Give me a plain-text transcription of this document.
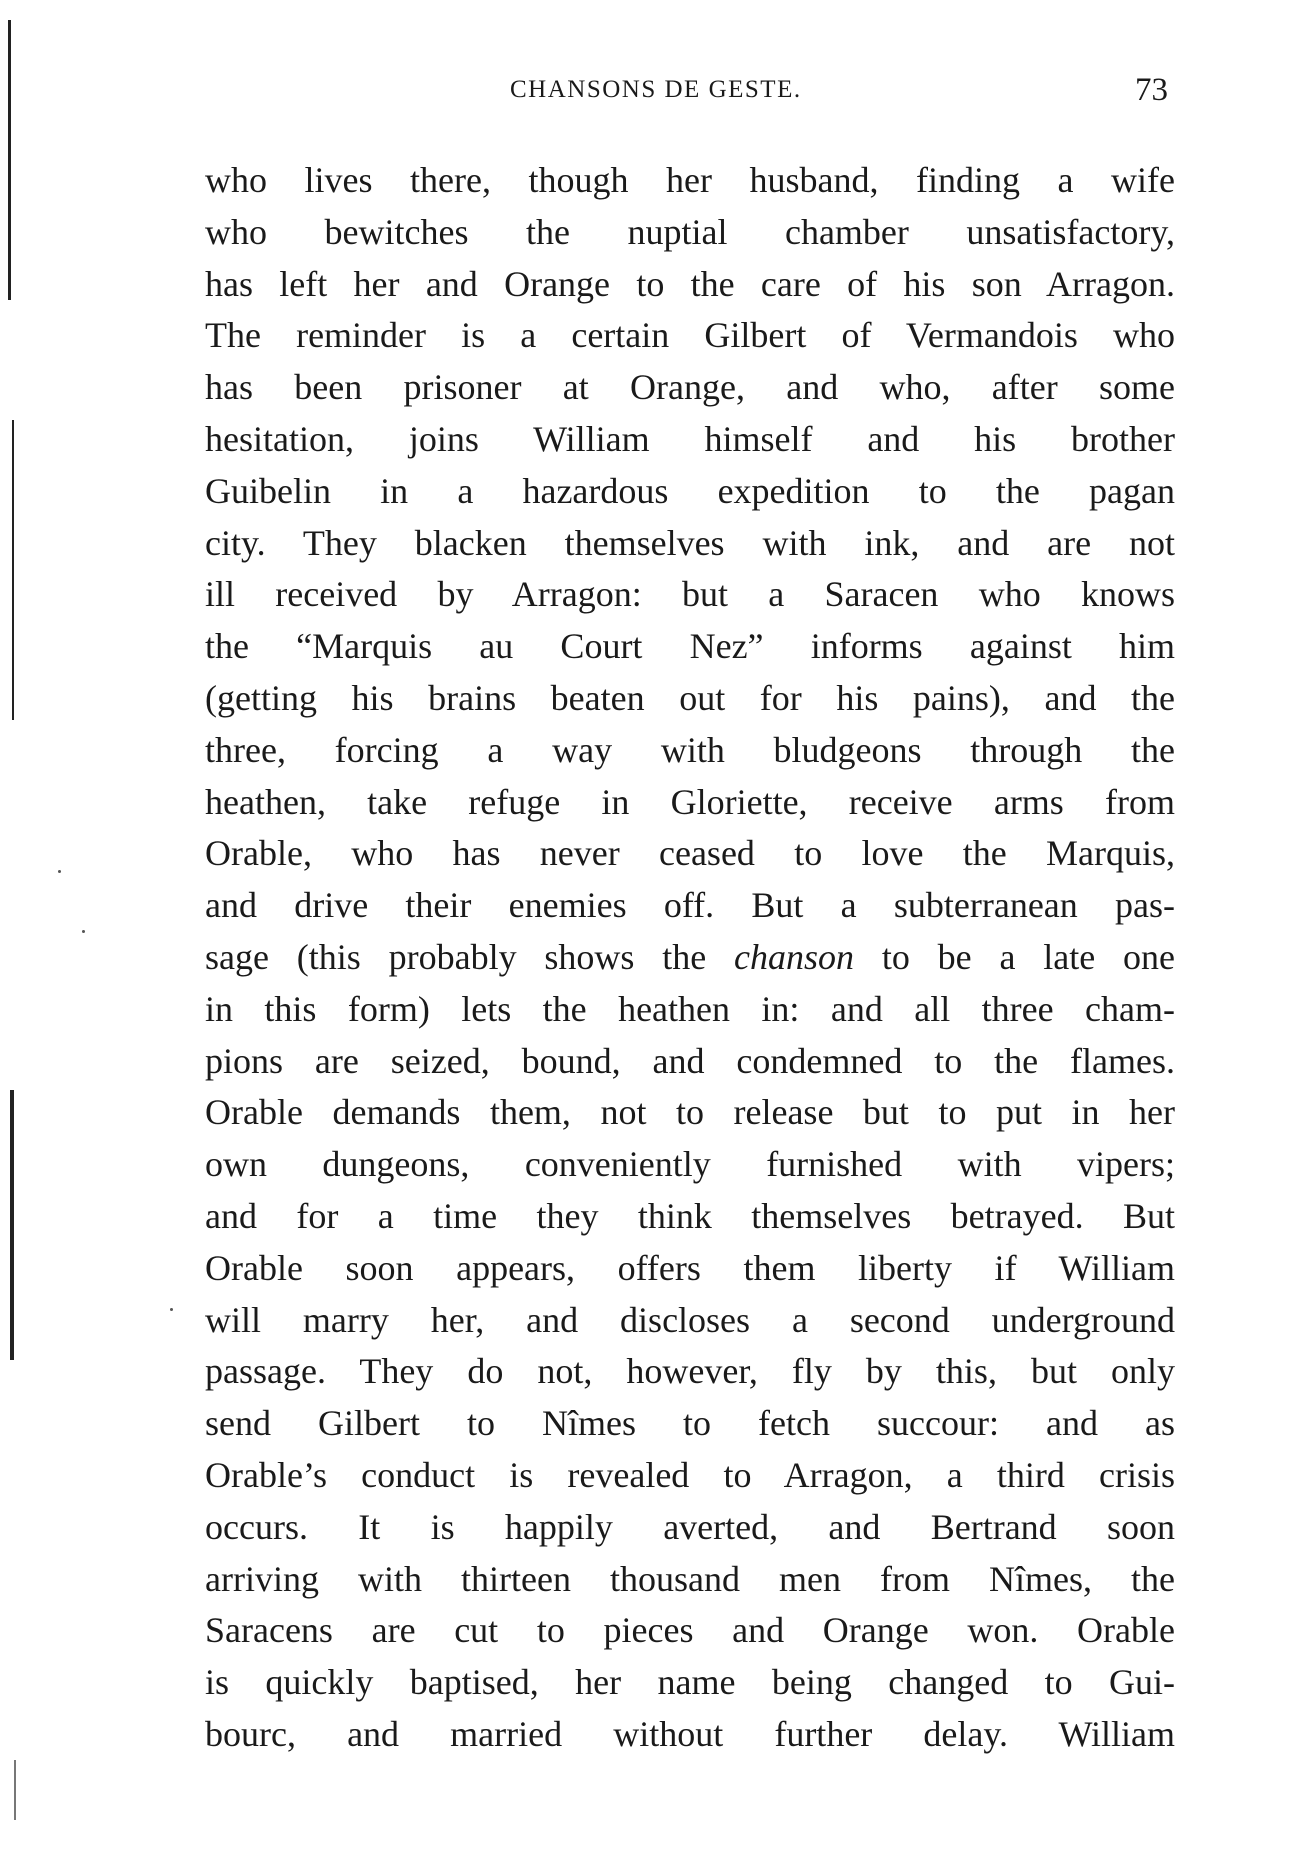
CHANSONS DE GESTE.	73
who lives there, though her husband, finding a wife
who bewitches the nuptial chamber unsatisfactory,
has left her and Orange to the care of his son Arragon.
The reminder is a certain Gilbert of Vermandois who
has been prisoner at Orange, and who, after some
hesitation, joins William himself and his brother
Guibelin in a hazardous expedition to the pagan
city. They blacken themselves with ink, and are not
ill received by Arragon: but a Saracen who knows
the “Marquis au Court Nez” informs against him
(getting his brains beaten out for his pains), and the
three, forcing a way with bludgeons through the
heathen, take refuge in Gloriette, receive arms from
Orable, who has never ceased to love the Marquis,
and drive their enemies off. But a subterranean pas-
sage (this probably shows the chanson to be a late one
in this form) lets the heathen in: and all three cham-
pions are seized, bound, and condemned to the flames.
Orable demands them, not to release but to put in her
own dungeons, conveniently furnished with vipers;
and for a time they think themselves betrayed. But
Orable soon appears, offers them liberty if William
will marry her, and discloses a second underground
passage. They do not, however, fly by this, but only
send Gilbert to Nîmes to fetch succour: and as
Orable’s conduct is revealed to Arragon, a third crisis
occurs. It is happily averted, and Bertrand soon
arriving with thirteen thousand men from Nîmes, the
Saracens are cut to pieces and Orange won. Orable
is quickly baptised, her name being changed to Gui-
bourc, and married without further delay. William
